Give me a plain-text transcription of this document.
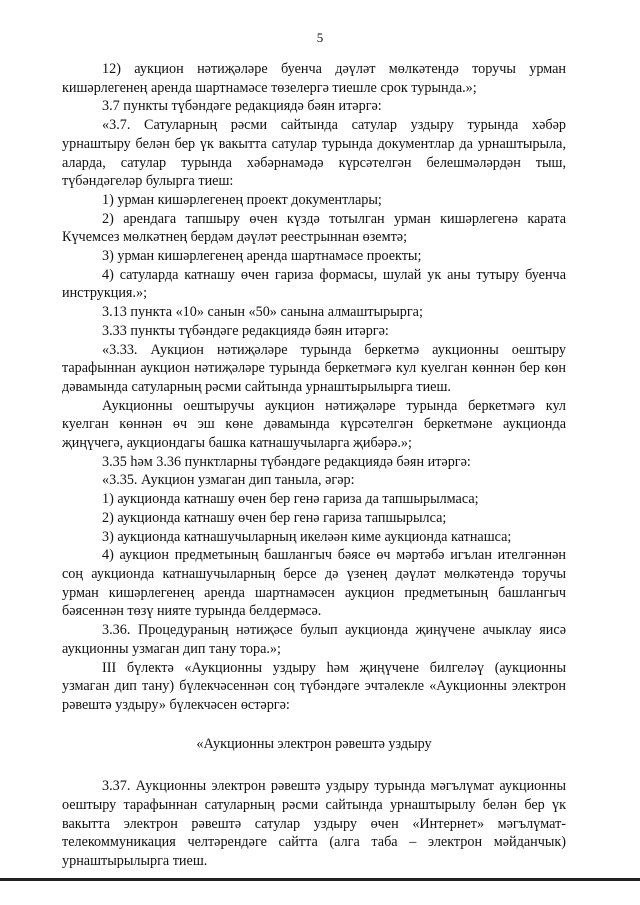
5

12) аукцион нәтиҗәләре буенча дәүләт мөлкәтендә торучы урман кишәрлегенең аренда шартнамәсе төзелергә тиешле срок турында.»;

3.7 пункты түбәндәге редакциядә бәян итәргә:

«3.7. Сатуларның рәсми сайтында сатулар уздыру турында хәбәр урнаштыру белән бер үк вакытта сатулар турында документлар да урнаштырыла, аларда, сатулар турында хәбәрнамәдә күрсәтелгән белешмәләрдән тыш, түбәндәгеләр булырга тиеш:

1) урман кишәрлегенең проект документлары;

2) арендага тапшыру өчен күздә тотылган урман кишәрлегенә карата Күчемсез мөлкәтнең бердәм дәүләт реестрыннан өземтә;

3) урман кишәрлегенең аренда шартнамәсе проекты;

4) сатуларда катнашу өчен гариза формасы, шулай ук аны тутыру буенча инструкция.»;

3.13 пункта «10» санын «50» санына алмаштырырга;

3.33 пункты түбәндәге редакциядә бәян итәргә:

«3.33. Аукцион нәтиҗәләре турында беркетмә аукционны оештыру тарафыннан аукцион нәтиҗәләре турында беркетмәгә кул куелган көннән бер көн дәвамында сатуларның рәсми сайтында урнаштырылырга тиеш.

Аукционны оештыручы аукцион нәтиҗәләре турында беркетмәгә кул куелган көннән өч эш көне дәвамында күрсәтелгән беркетмәне аукционда җиңүчегә, аукциондагы башка катнашучыларга җибәрә.»;

3.35 һәм 3.36 пунктларны түбәндәге редакциядә бәян итәргә:

«3.35. Аукцион узмаган дип таныла, әгәр:

1) аукционда катнашу өчен бер генә гариза да тапшырылмаса;

2) аукционда катнашу өчен бер генә гариза тапшырылса;

3) аукционда катнашучыларның икеләән киме аукционда катнашса;

4) аукцион предметының башлангыч бәясе өч мәртәбә игълан ителгәннән соң аукционда катнашучыларның берсе дә үзенең дәүләт мөлкәтендә торучы урман кишәрлегенең аренда шартнамәсен аукцион предметының башлангыч бәясеннән төзү нияте турында белдермәсә.

3.36. Процедураның нәтиҗәсе булып аукционда җиңүчене ачыклау яисә аукционны узмаган дип тану тора.»;

III бүлектә «Аукционны уздыру һәм җиңүчене билгеләү (аукционны узмаган дип тану) бүлекчәсеннән соң түбәндәге эчтәлекле «Аукционны электрон рәвештә уздыру» бүлекчәсен өстәргә:

«Аукционны электрон рәвештә уздыру

3.37. Аукционны электрон рәвештә уздыру турында мәгълүмат аукционны оештыру тарафыннан сатуларның рәсми сайтында урнаштырылу белән бер үк вакытта электрон рәвештә сатулар уздыру өчен «Интернет» мәгълүмат-телекоммуникация челтәрендәге сайтта (алга таба – электрон мәйданчык) урнаштырылырга тиеш.
